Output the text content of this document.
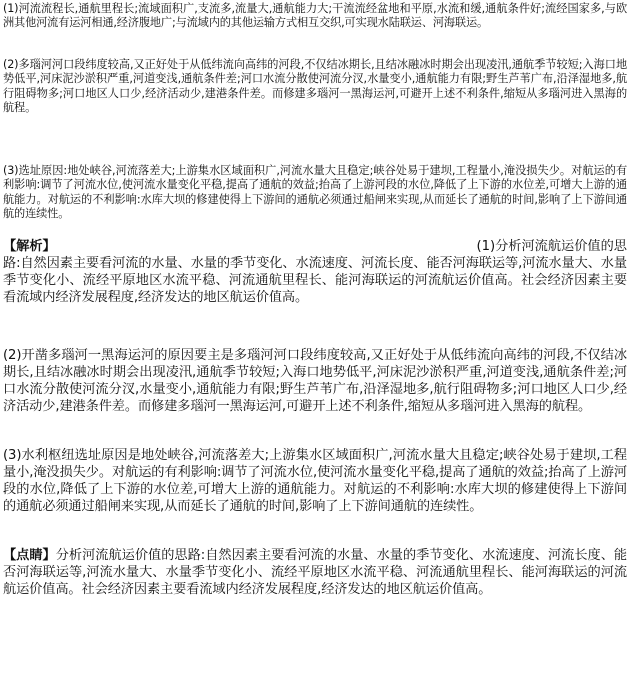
(1)河流流程长,通航里程长;流域面积广,支流多,流量大,通航能力大;干流流经盆地和平原,水流和缓,通航条件好;流经国家多,与欧洲其他河流有运河相通,经济腹地广;与流域内的其他运输方式相互交织,可实现水陆联运、河海联运。

(2)多瑙河河口段纬度较高,又正好处于从低纬流向高纬的河段,不仅结冰期长,且结冰融冰时期会出现凌汛,通航季节较短;入海口地势低平,河床泥沙淤积严重,河道变浅,通航条件差;河口水流分散使河流分汊,水量变小,通航能力有限;野生芦苇广布,沿泽湿地多,航行阻碍物多;河口地区人口少,经济活动少,建港条件差。而修建多瑙河一黑海运河,可避开上述不利条件,缩短从多瑙河进入黑海的航程。

(3)选址原因:地处峡谷,河流落差大;上游集水区域面积广,河流水量大且稳定;峡谷处易于建坝,工程量小,淹没损失少。对航运的有利影响:调节了河流水位,使河流水量变化平稳,提高了通航的效益;抬高了上游河段的水位,降低了上下游的水位差,可增大上游的通航能力。对航运的不利影响:水库大坝的修建使得上下游间的通航必须通过船闸来实现,从而延长了通航的时间,影响了上下游间通航的连续性。

【解析】	(1)分析河流航运价值的思

路:自然因素主要看河流的水量、水量的季节变化、水流速度、河流长度、能否河海联运等,河流水量大、水量季节变化小、流经平原地区水流平稳、河流通航里程长、能河海联运的河流航运价值高。社会经济因素主要看流域内经济发展程度,经济发达的地区航运价值高。

(2)开凿多瑙河一黑海运河的原因要主是多瑙河河口段纬度较高,又正好处于从低纬流向高纬的河段,不仅结冰期长,且结冰融冰时期会出现凌汛,通航季节较短;入海口地势低平,河床泥沙淤积严重,河道变浅,通航条件差;河口水流分散使河流分汊,水量变小,通航能力有限;野生芦苇广布,沿泽湿地多,航行阻碍物多;河口地区人口少,经济活动少,建港条件差。而修建多瑙河一黑海运河,可避开上述不利条件,缩短从多瑙河进入黑海的航程。

(3)水利枢纽选址原因是地处峡谷,河流落差大;上游集水区域面积广,河流水量大且稳定;峡谷处易于建坝,工程量小,淹没损失少。对航运的有利影响:调节了河流水位,使河流水量变化平稳,提高了通航的效益;抬高了上游河段的水位,降低了上下游的水位差,可增大上游的通航能力。对航运的不利影响:水库大坝的修建使得上下游间的通航必须通过船闸来实现,从而延长了通航的时间,影响了上下游间通航的连续性。

【点睛】分析河流航运价值的思路:自然因素主要看河流的水量、水量的季节变化、水流速度、河流长度、能否河海联运等,河流水量大、水量季节变化小、流经平原地区水流平稳、河流通航里程长、能河海联运的河流航运价值高。社会经济因素主要看流域内经济发展程度,经济发达的地区航运价值高。
